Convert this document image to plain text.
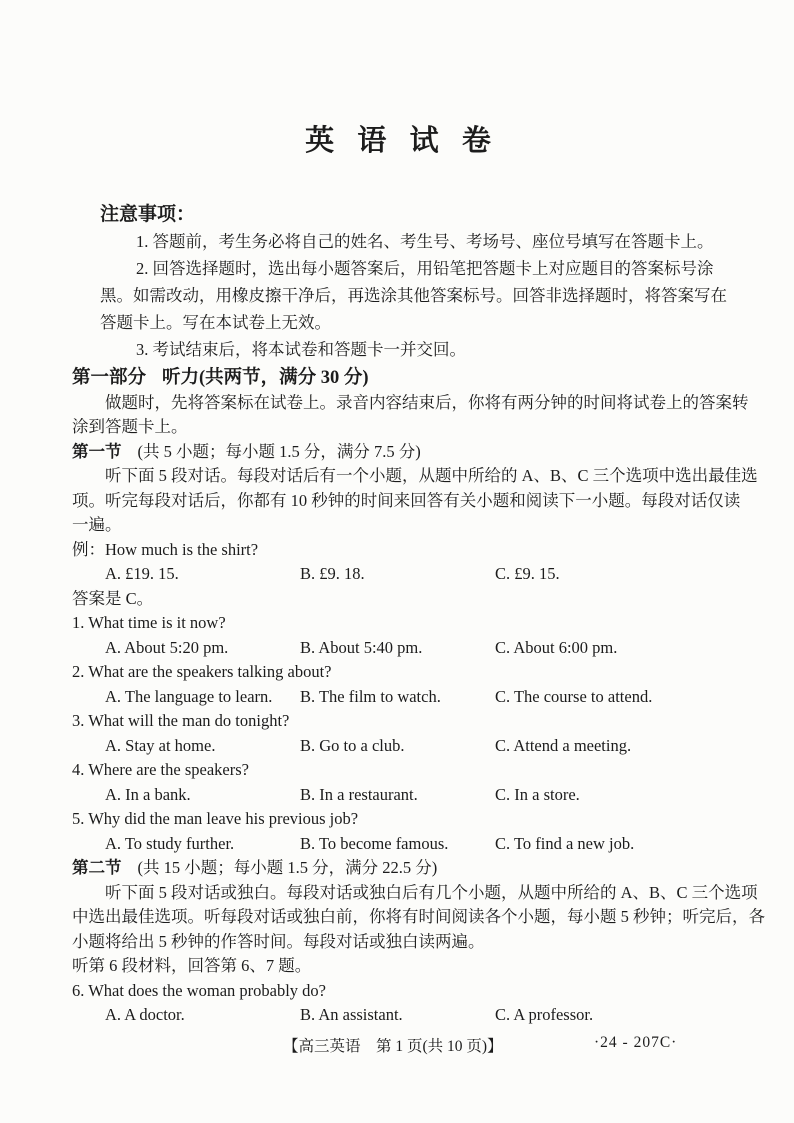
英 语 试 卷
注意事项：
1. 答题前，考生务必将自己的姓名、考生号、考场号、座位号填写在答题卡上。
2. 回答选择题时，选出每小题答案后，用铅笔把答题卡上对应题目的答案标号涂
黑。如需改动，用橡皮擦干净后，再选涂其他答案标号。回答非选择题时，将答案写在
答题卡上。写在本试卷上无效。
3. 考试结束后，将本试卷和答题卡一并交回。
第一部分 听力(共两节，满分 30 分)
做题时，先将答案标在试卷上。录音内容结束后，你将有两分钟的时间将试卷上的答案转
涂到答题卡上。
第一节 (共 5 小题；每小题 1.5 分，满分 7.5 分)
听下面 5 段对话。每段对话后有一个小题，从题中所给的 A、B、C 三个选项中选出最佳选
项。听完每段对话后，你都有 10 秒钟的时间来回答有关小题和阅读下一小题。每段对话仅读
一遍。
例：How much is the shirt?
A. £19. 15.	B. £9. 18.	C. £9. 15.
答案是 C。
1. What time is it now?
A. About 5:20 pm.	B. About 5:40 pm.	C. About 6:00 pm.
2. What are the speakers talking about?
A. The language to learn.	B. The film to watch.	C. The course to attend.
3. What will the man do tonight?
A. Stay at home.	B. Go to a club.	C. Attend a meeting.
4. Where are the speakers?
A. In a bank.	B. In a restaurant.	C. In a store.
5. Why did the man leave his previous job?
A. To study further.	B. To become famous.	C. To find a new job.
第二节 (共 15 小题；每小题 1.5 分，满分 22.5 分)
听下面 5 段对话或独白。每段对话或独白后有几个小题，从题中所给的 A、B、C 三个选项
中选出最佳选项。听每段对话或独白前，你将有时间阅读各个小题，每小题 5 秒钟；听完后，各
小题将给出 5 秒钟的作答时间。每段对话或独白读两遍。
听第 6 段材料，回答第 6、7 题。
6. What does the woman probably do?
A. A doctor.	B. An assistant.	C. A professor.
【高三英语　第 1 页(共 10 页)】	·24 - 207C·
